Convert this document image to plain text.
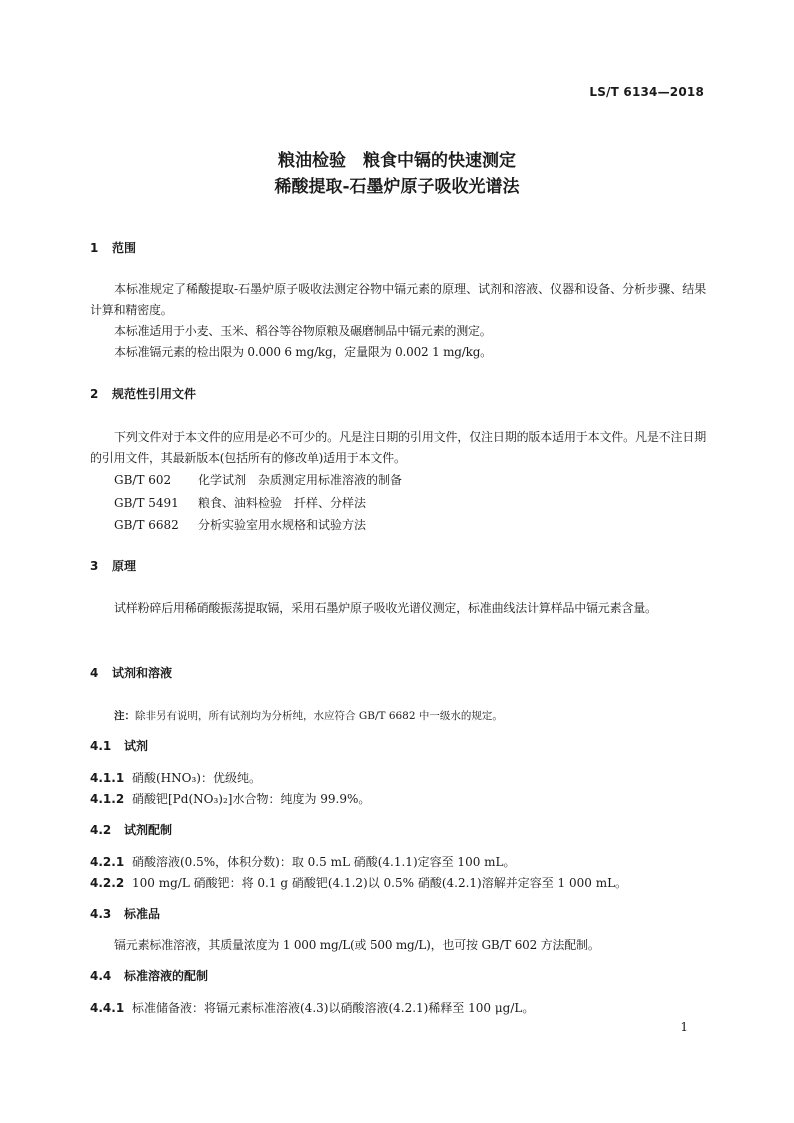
LS/T 6134—2018
粮油检验　粮食中镉的快速测定
稀酸提取-石墨炉原子吸收光谱法
1 范围

本标准规定了稀酸提取-石墨炉原子吸收法测定谷物中镉元素的原理、试剂和溶液、仪器和设备、分析步骤、结果计算和精密度。

本标准适用于小麦、玉米、稻谷等谷物原粮及碾磨制品中镉元素的测定。

本标准镉元素的检出限为 0.000 6 mg/kg，定量限为 0.002 1 mg/kg。

2 规范性引用文件

下列文件对于本文件的应用是必不可少的。凡是注日期的引用文件，仅注日期的版本适用于本文件。凡是不注日期的引用文件，其最新版本(包括所有的修改单)适用于本文件。

GB/T 602 化学试剂　杂质测定用标准溶液的制备
GB/T 5491 粮食、油料检验　扦样、分样法
GB/T 6682 分析实验室用水规格和试验方法
3 原理

试样粉碎后用稀硝酸振荡提取镉，采用石墨炉原子吸收光谱仪测定，标准曲线法计算样品中镉元素含量。

4 试剂和溶液
注：除非另有说明，所有试剂均为分析纯，水应符合 GB/T 6682 中一级水的规定。
4.1 试剂
4.1.1 硝酸(HNO₃)：优级纯。
4.1.2 硝酸钯[Pd(NO₃)₂]水合物：纯度为 99.9%。
4.2 试剂配制
4.2.1 硝酸溶液(0.5%，体积分数)：取 0.5 mL 硝酸(4.1.1)定容至 100 mL。
4.2.2 100 mg/L 硝酸钯：将 0.1 g 硝酸钯(4.1.2)以 0.5% 硝酸(4.2.1)溶解并定容至 1 000 mL。
4.3 标准品

镉元素标准溶液，其质量浓度为 1 000 mg/L(或 500 mg/L)，也可按 GB/T 602 方法配制。

4.4 标准溶液的配制
4.4.1 标准储备液：将镉元素标准溶液(4.3)以硝酸溶液(4.2.1)稀释至 100 μg/L。
1
